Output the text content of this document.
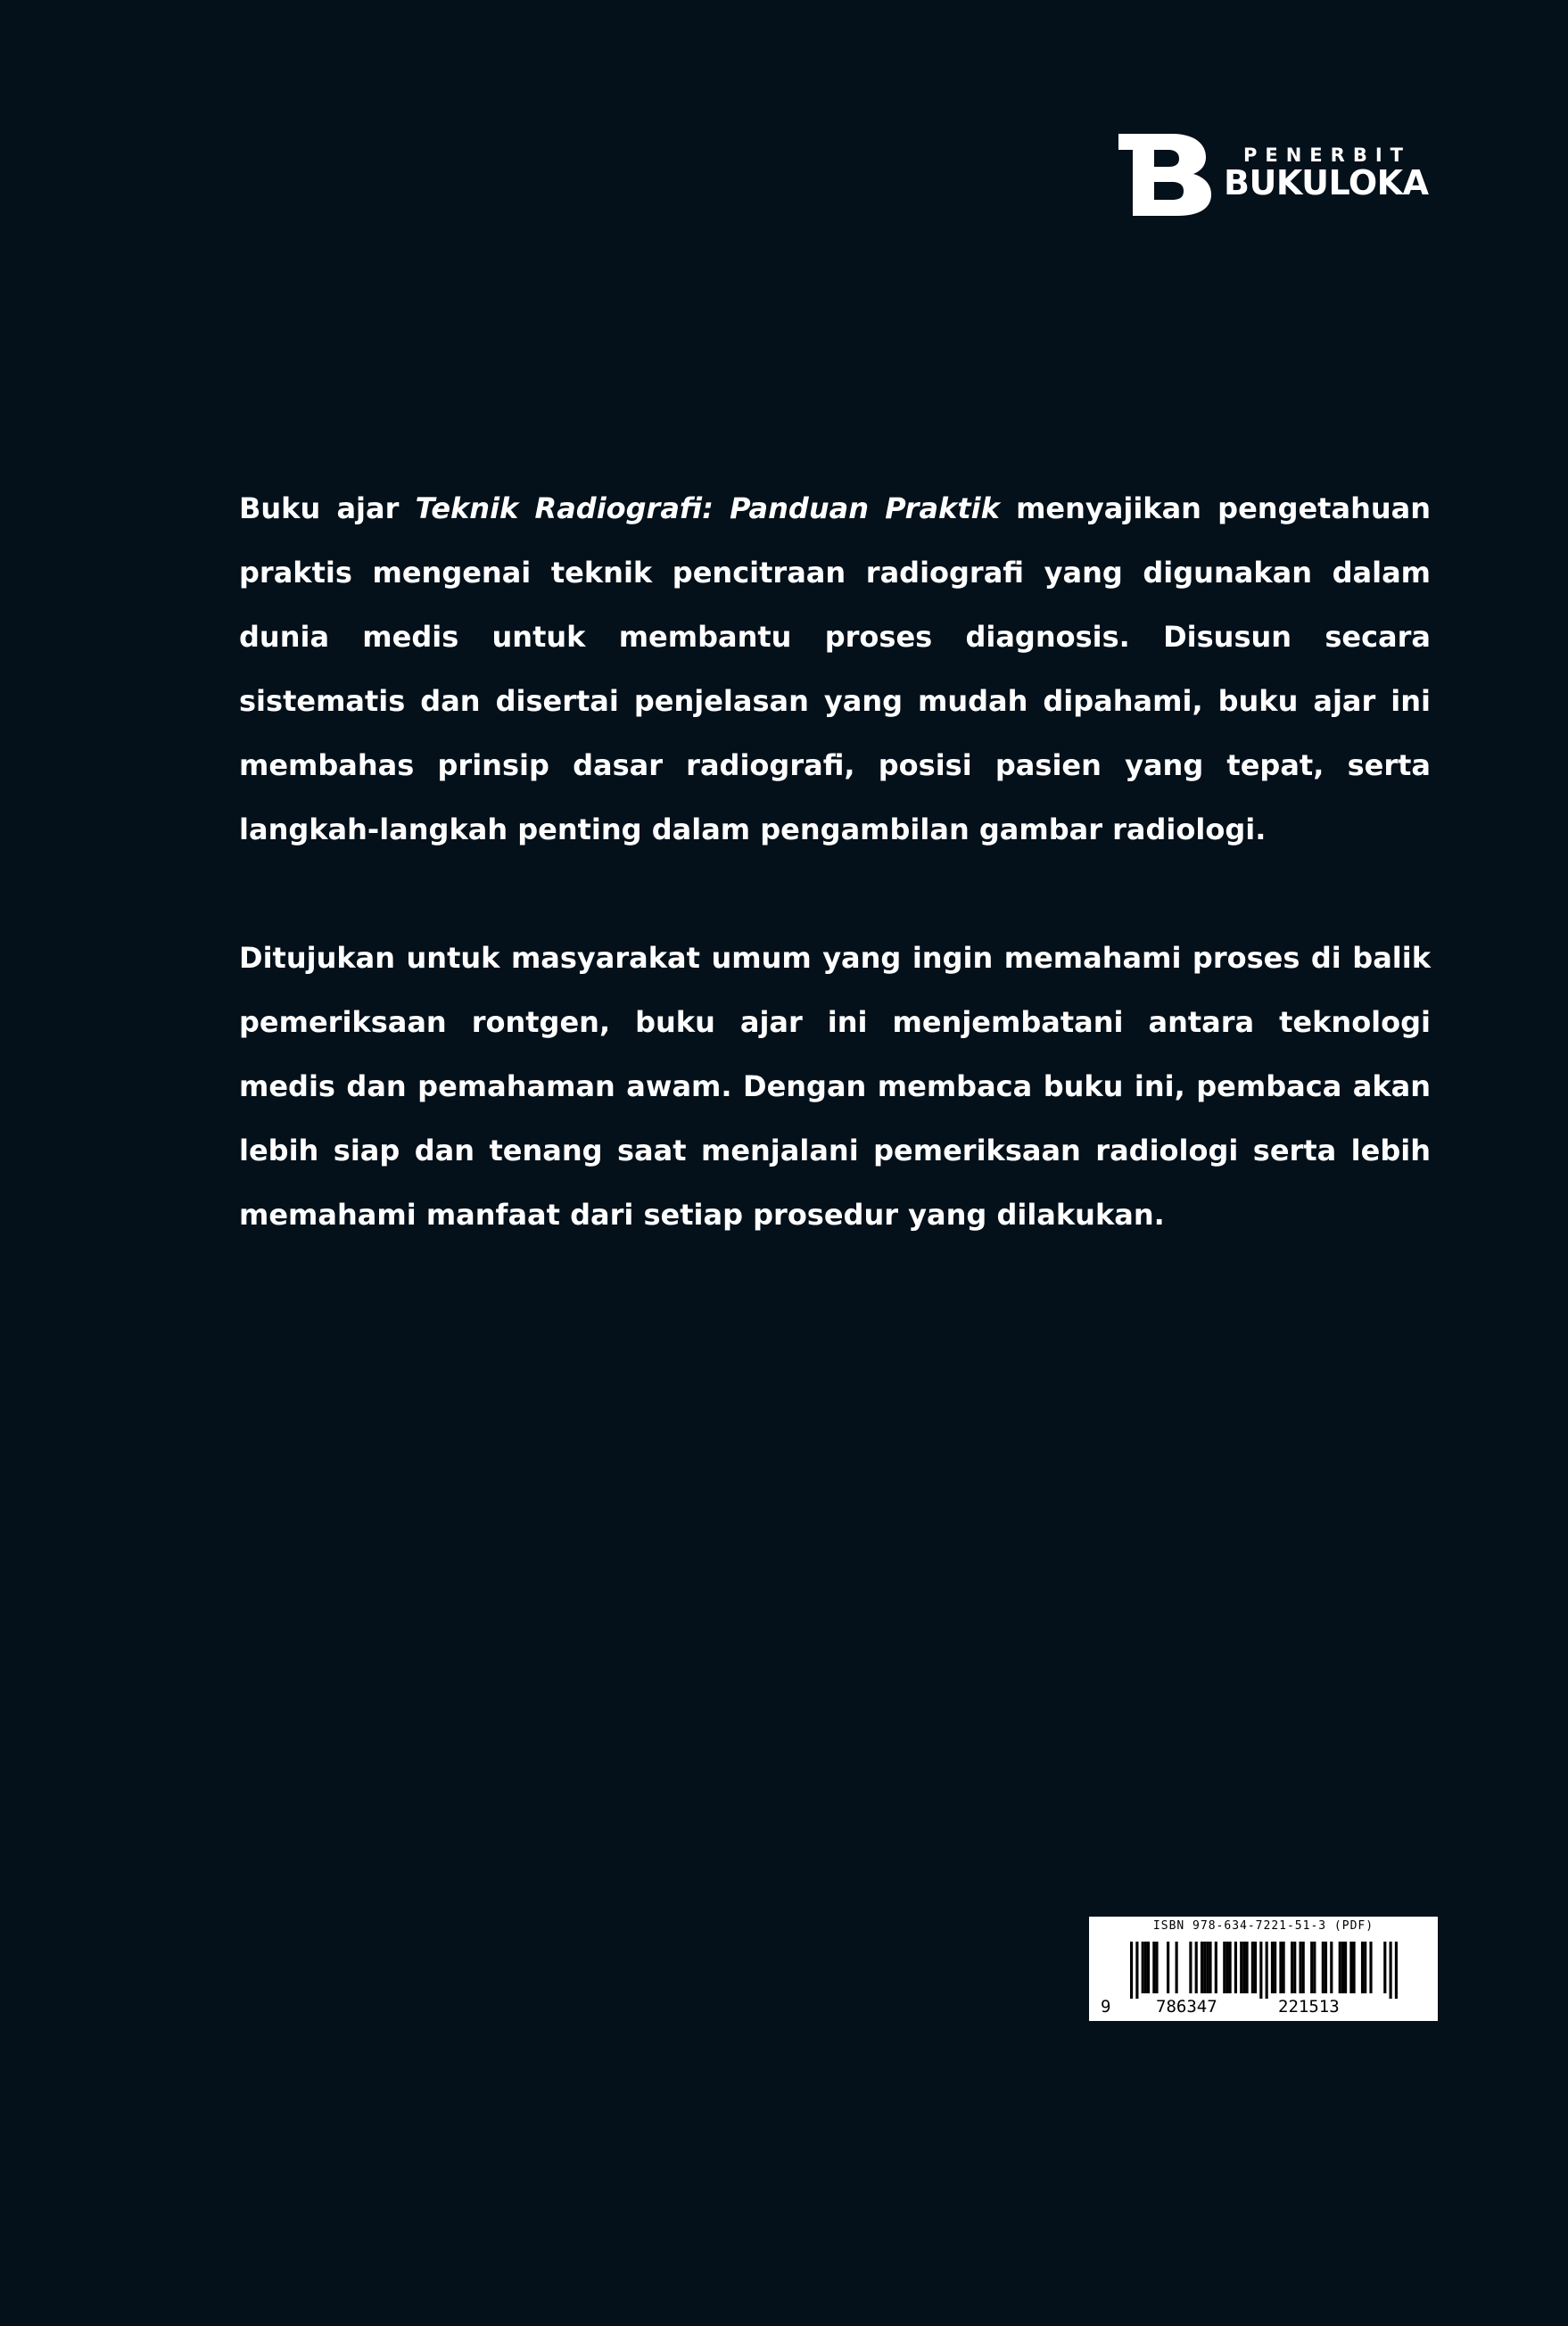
PENERBIT
BUKULOKA

Buku ajar Teknik Radiografi: Panduan Praktik menyajikan pengetahuan praktis mengenai teknik pencitraan radiografi yang digunakan dalam dunia medis untuk membantu proses diagnosis. Disusun secara sistematis dan disertai penjelasan yang mudah dipahami, buku ajar ini membahas prinsip dasar radiografi, posisi pasien yang tepat, serta langkah-langkah penting dalam pengambilan gambar radiologi.

Ditujukan untuk masyarakat umum yang ingin memahami proses di balik pemeriksaan rontgen, buku ajar ini menjembatani antara teknologi medis dan pemahaman awam. Dengan membaca buku ini, pembaca akan lebih siap dan tenang saat menjalani pemeriksaan radiologi serta lebih memahami manfaat dari setiap prosedur yang dilakukan.

ISBN 978-634-7221-51-3 (PDF)
9	786347	221513
